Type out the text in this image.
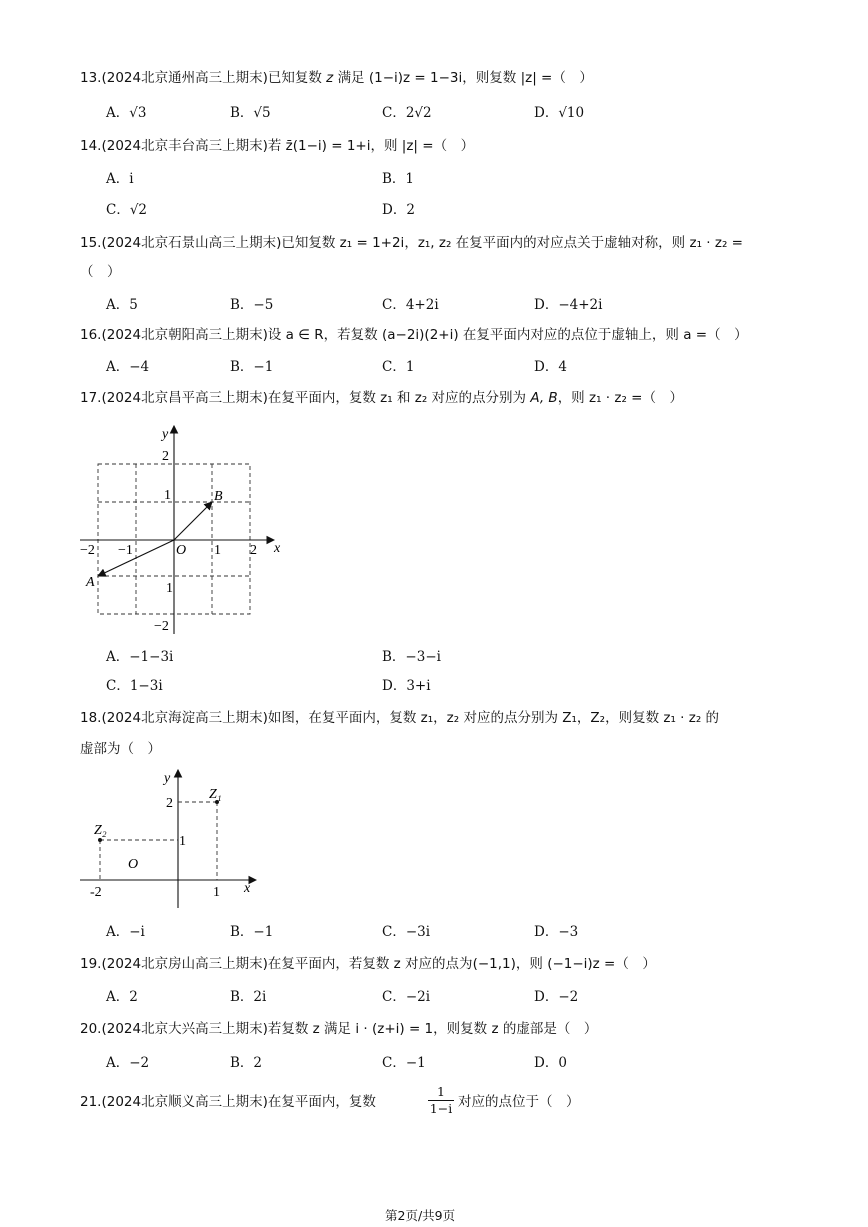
13.(2024北京通州高三上期末)已知复数 z 满足 (1−i)z = 1−3i，则复数 |z| =（　）
A．√3	B．√5	C．2√2	D．√10
14.(2024北京丰台高三上期末)若 z̄(1−i) = 1+i，则 |z| =（　）
A．i	B．1
C．√2	D．2
15.(2024北京石景山高三上期末)已知复数 z₁ = 1+2i，z₁, z₂ 在复平面内的对应点关于虚轴对称，则 z₁ · z₂ =
（　）
A．5	B．−5	C．4+2i	D．−4+2i
16.(2024北京朝阳高三上期末)设 a ∈ R，若复数 (a−2i)(2+i) 在复平面内对应的点位于虚轴上，则 a =（　）
A．−4	B．−1	C．1	D．4
17.(2024北京昌平高三上期末)在复平面内，复数 z₁ 和 z₂ 对应的点分别为 A, B，则 z₁ · z₂ =（　）
2
1
−2 −1	O 1 2
1
−2
x
y
B
A
A．−1−3i	B．−3−i
C．1−3i	D．3+i
18.(2024北京海淀高三上期末)如图，在复平面内，复数 z₁，z₂ 对应的点分别为 Z₁，Z₂，则复数 z₁ · z₂ 的
虚部为（　）
y
x
2
1
-2	1
O
Z₁
Z₂
A．−i	B．−1	C．−3i	D．−3
19.(2024北京房山高三上期末)在复平面内，若复数 z 对应的点为(−1,1)，则 (−1−i)z =（　）
A．2	B．2i	C．−2i	D．−2
20.(2024北京大兴高三上期末)若复数 z 满足 i · (z+i) = 1，则复数 z 的虚部是（　）
A．−2	B．2	C．−1	D．0
21.(2024北京顺义高三上期末)在复平面内，复数
1
1−i 对应的点位于（　）
第2页/共9页
